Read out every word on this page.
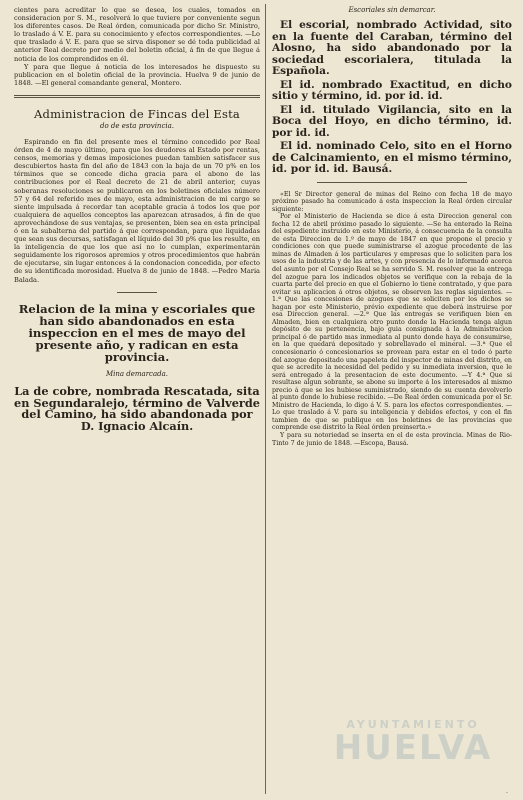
cientes para acreditar lo que se desea, los cuales, tomados en consideracion por S. M., resolverá lo que tuviere por conveniente segun los diferentes casos. De Real órden, comunicada por dicho Sr. Ministro, lo traslado á V. E. para su conocimiento y efectos correspondientes. —Lo que traslado á V. E. para que se sirva disponer se dé toda publicidad al anterior Real decreto por medio del boletin oficial, á fin de que llegue á noticia de los comprendidos en él.

Y para que llegue á noticia de los interesados he dispuesto su publicacion en el boletin oficial de la provincia. Huelva 9 de junio de 1848. —El general comandante general, Montero.

Administracion de Fincas del Esta
do de esta provincia.

Espirando en fin del presente mes el término concedido por Real órden de 4 de mayo último, para que los deudores al Estado por rentas, censos, memorias y demas imposiciones puedan tambien satisfacer sus descubiertos hasta fin del año de 1843 con la baja de un 70 p% en los términos que se concede dicha gracia para el abono de las contribuciones por el Real decreto de 21 de abril anterior, cuyas soberanas resoluciones se publicaron en los boletines oficiales número 57 y 64 del referido mes de mayo, esta administracion de mi cargo se siente impulsada á recordar tan aceptable gracia á todos los que por cualquiera de aquellos conceptos las aparezcan atrasados, á fin de que aprovechándose de sus ventajas, se presenten, bien sea en esta principal ó en la subalterna del partido á que correspondan, para que liquidadas que sean sus decursas, satisfagan el líquido del 30 p% que les resulte, en la inteligencia de que los que así no lo cumplan, experimentarán seguidamente los rigorosos apremios y otros procedimientos que habrán de ejecutarse, sin lugar entonces á la condonacion concedida, por efecto de su identificada morosidad. Huelva 8 de junio de 1848. —Pedro Maria Balada.

Relacion de la mina y escoriales que han sido abandonados en esta inspeccion en el mes de mayo del presente año, y radican en esta provincia.

Mina demarcada.

La de cobre, nombrada Rescatada, sita en Segundaralejo, término de Valverde del Camino, ha sido abandonada por D. Ignacio Alcaín.

Escoriales sin demarcar.

El escorial, nombrado Actividad, sito en la fuente del Caraban, término del Alosno, ha sido abandonado por la sociedad escorialera, titulada la Española.

El id. nombrado Exactitud, en dicho sitio y término, id. por id. id.

El id. titulado Vigilancia, sito en la Boca del Hoyo, en dicho término, id. por id. id.

El id. nominado Celo, sito en el Horno de Calcinamiento, en el mismo término, id. por id. id. Bausá.

«El Sr Director general de minas del Reino con fecha 18 de mayo próximo pasado ha comunicado á esta inspeccion la Real órden circular siguiente:

Por el Ministerio de Hacienda se dice á esta Direccion general con fecha 12 de abril próximo pasado lo siguiente. —Se ha enterado la Reina del espediente instruido en este Ministerio, á consecuencia de la consulta de esta Direccion de 1.º de mayo de 1847 en que propone el precio y condiciones con que puede suministrarse el azogue procedente de las minas de Almaden á los particulares y empresas que lo soliciten para los usos de la industria y de las artes, y con presencia de lo informado acerca del asunto por el Consejo Real se ha servido S. M. resolver que la entrega del azogue para los indicados objetos se verifique con la rebaja de la cuarta parte del precio en que el Gobierno lo tiene contratado, y que para evitar su aplicacion á otros objetos, se observen las reglas siguientes. —1.ª Que las concesiones de azogues que se soliciten por los dichos se hagan por este Ministerio, prévio expediente que deberá instruirse por esa Direccion general. —2.ª Que las entregas se verifiquen bien en Almaden, bien en cualquiera otro punto donde la Hacienda tenga algun depósito de su pertenencia, bajo guia consignada á la Administracion principal ó de partido mas inmediata al punto donde haya de consumirse, en la que quedará depositado y sobrellavado el mineral. —3.ª Que el concesionario ó concesionarios se provean para estar en el todo ó parte del azogue depositado una papeleta del inspector de minas del distrito, en que se acredite la necesidad del pedido y su inmediata inversion, que le será entregado á la presentacion de este documento. —Y 4.ª Que si resultase algun sobrante, se abone su importe á los interesados al mismo precio á que se les hubiese suministrado, siendo de su cuenta devolverlo al punto donde lo hubiese recibido. —De Real órden comunicada por el Sr. Ministro de Hacienda, lo digo á V. S. para los efectos correspondientes. —Lo que traslado á V. para su inteligencia y debidos efectos, y con el fin tambien de que se publique en los boletines de las provincias que comprende ese distrito la Real órden preinserta.»

Y para su notoriedad se inserta en el de esta provincia. Minas de Rio-Tinto 7 de junio de 1848. —Escopa, Bausá.

AYUNTAMIENTO
HUELVA
·
